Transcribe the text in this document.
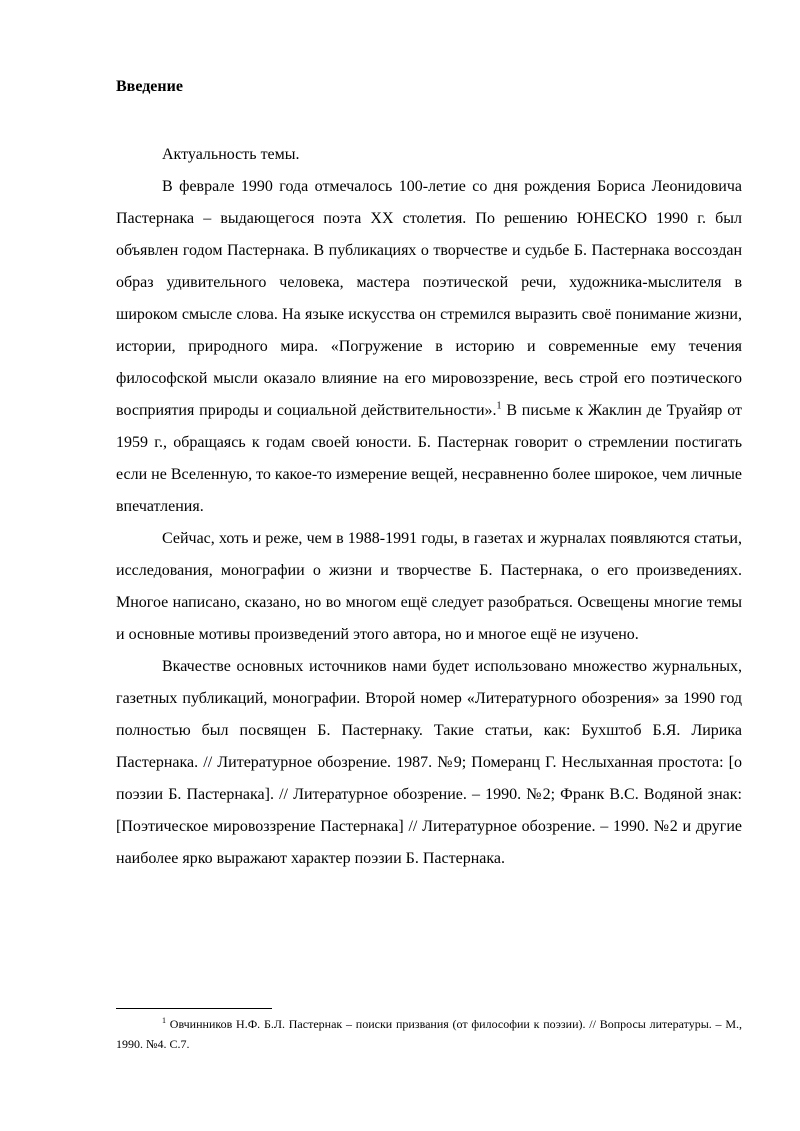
Введение

Актуальность темы.

В феврале 1990 года отмечалось 100-летие со дня рождения Бориса Леонидовича Пастернака – выдающегося поэта XX столетия. По решению ЮНЕСКО 1990 г. был объявлен годом Пастернака. В публикациях о творчестве и судьбе Б. Пастернака воссоздан образ удивительного человека, мастера поэтической речи, художника-мыслителя в широком смысле слова. На языке искусства он стремился выразить своё понимание жизни, истории, природного мира. «Погружение в историю и современные ему течения философской мысли оказало влияние на его мировоззрение, весь строй его поэтического восприятия природы и социальной действительности».$^1$ В письме к Жаклин де Труайяр от 1959 г., обращаясь к годам своей юности. Б. Пастернак говорит о стремлении постигать если не Вселенную, то какое-то измерение вещей, несравненно более широкое, чем личные впечатления.

Сейчас, хоть и реже, чем в 1988-1991 годы, в газетах и журналах появляются статьи, исследования, монографии о жизни и творчестве Б. Пастернака, о его произведениях. Многое написано, сказано, но во многом ещё следует разобраться. Освещены многие темы и основные мотивы произведений этого автора, но и многое ещё не изучено.

Вкачестве основных источников нами будет использовано множество журнальных, газетных публикаций, монографии. Второй номер «Литературного обозрения» за 1990 год полностью был посвящен Б. Пастернаку. Такие статьи, как: Бухштоб Б.Я. Лирика Пастернака. // Литературное обозрение. 1987. №9; Померанц Г. Неслыханная простота: [о поэзии Б. Пастернака]. // Литературное обозрение. – 1990. №2; Франк В.С. Водяной знак: [Поэтическое мировоззрение Пастернака] // Литературное обозрение. – 1990. №2 и другие наиболее ярко выражают характер поэзии Б. Пастернака.

$^1$ Овчинников Н.Ф. Б.Л. Пастернак – поиски призвания (от философии к поэзии). // Вопросы литературы. – М., 1990. №4. С.7.
